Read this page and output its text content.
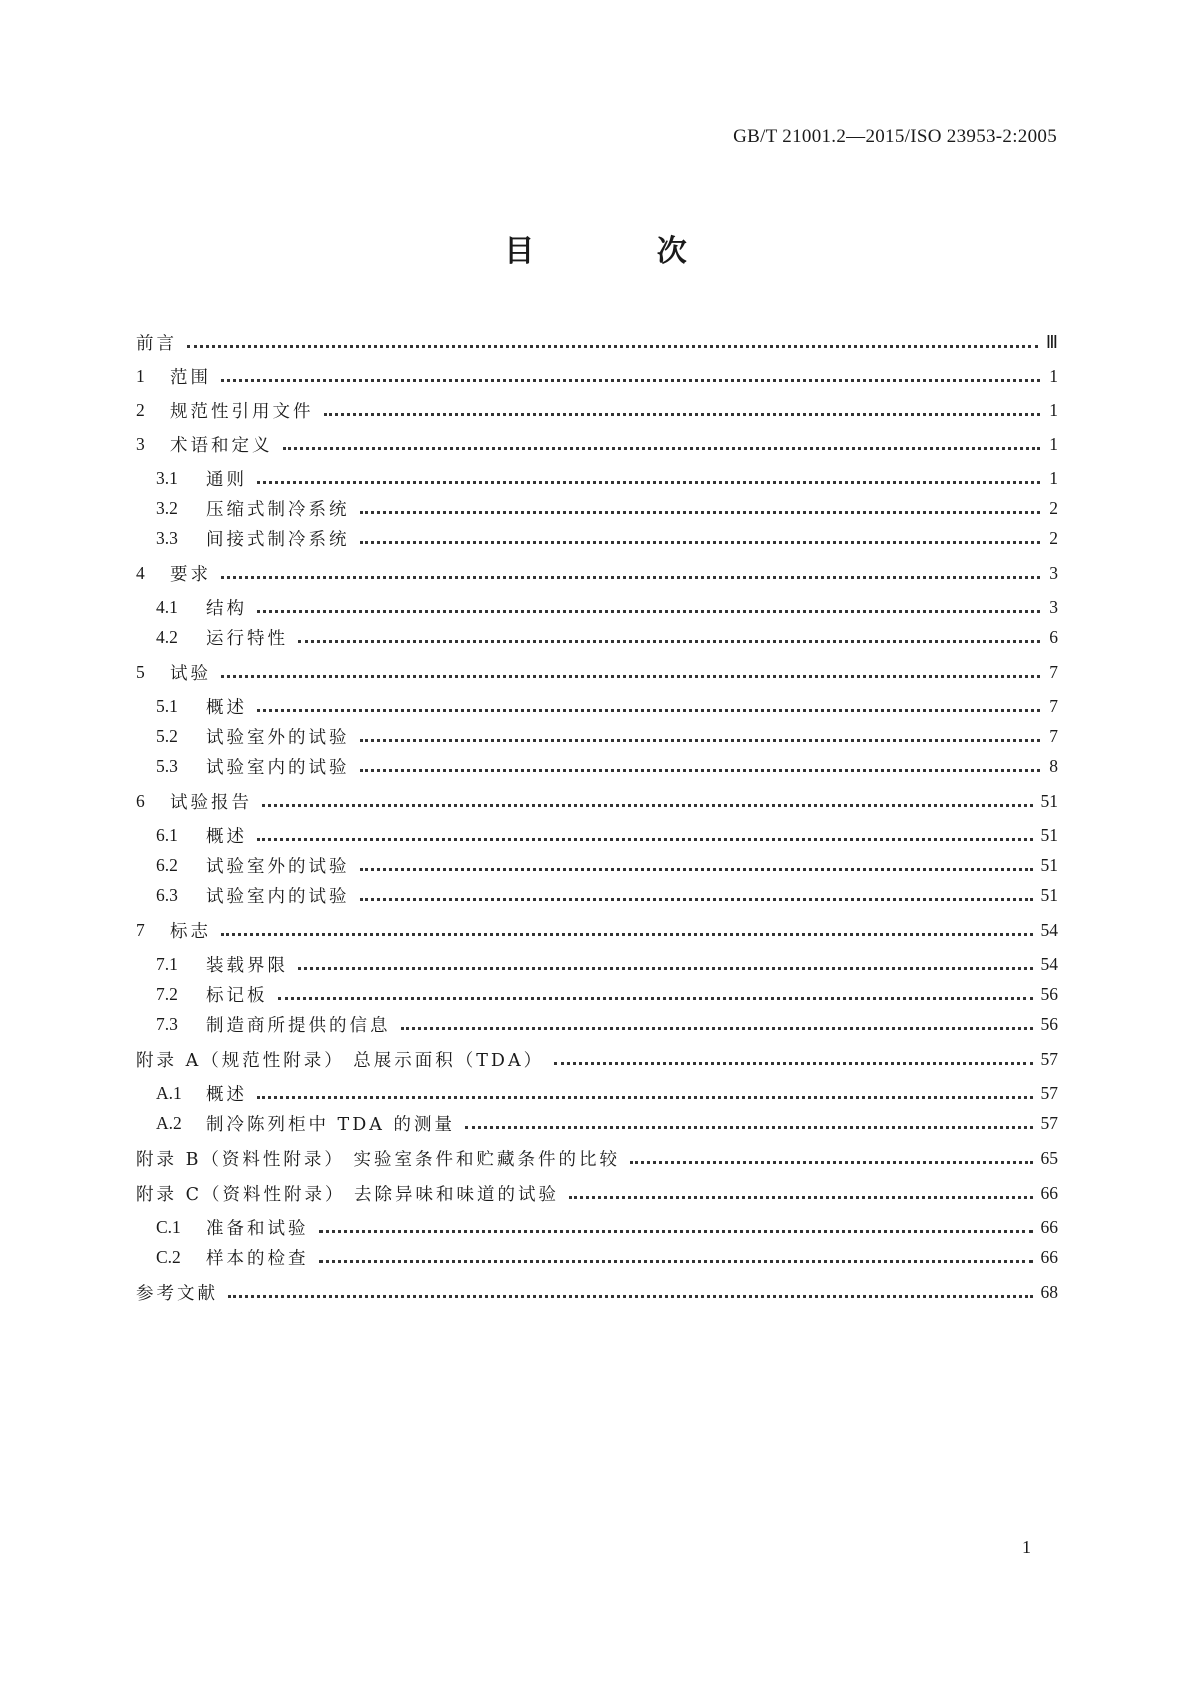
GB/T 21001.2—2015/ISO 23953-2:2005
目 次
前言	Ⅲ
1	范围	1
2	规范性引用文件	1
3	术语和定义	1
3.1	通则	1
3.2	压缩式制冷系统	2
3.3	间接式制冷系统	2
4	要求	3
4.1	结构	3
4.2	运行特性	6
5	试验	7
5.1	概述	7
5.2	试验室外的试验	7
5.3	试验室内的试验	8
6	试验报告	51
6.1	概述	51
6.2	试验室外的试验	51
6.3	试验室内的试验	51
7	标志	54
7.1	装载界限	54
7.2	标记板	56
7.3	制造商所提供的信息	56
附录 A（规范性附录） 总展示面积（TDA）	57
A.1	概述	57
A.2	制冷陈列柜中 TDA 的测量	57
附录 B（资料性附录） 实验室条件和贮藏条件的比较	65
附录 C（资料性附录） 去除异味和味道的试验	66
C.1	准备和试验	66
C.2	样本的检查	66
参考文献	68
1
